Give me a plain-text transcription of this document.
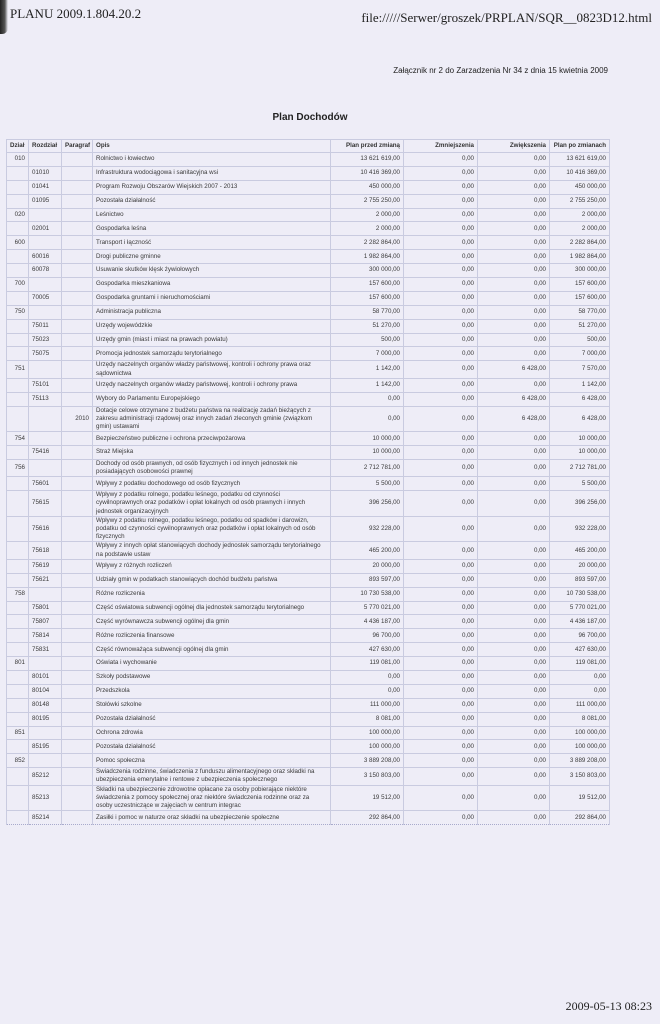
PLANU 2009.1.804.20.2	file://///Serwer/groszek/PRPLAN/SQR__0823D12.html
Załącznik nr 2 do Zarzadzenia Nr 34 z dnia 15 kwietnia 2009
Plan Dochodów
Dział	Rozdział	Paragraf	Opis	Plan przed zmianą	Zmniejszenia	Zwiększenia	Plan po zmianach
010			Rolnictwo i łowiectwo	13 621 619,00	0,00	0,00	13 621 619,00
	01010		Infrastruktura wodociągowa i sanitacyjna wsi	10 416 369,00	0,00	0,00	10 416 369,00
	01041		Program Rozwoju Obszarów Wiejskich 2007 - 2013	450 000,00	0,00	0,00	450 000,00
	01095		Pozostała działalność	2 755 250,00	0,00	0,00	2 755 250,00
020			Leśnictwo	2 000,00	0,00	0,00	2 000,00
	02001		Gospodarka leśna	2 000,00	0,00	0,00	2 000,00
600			Transport i łączność	2 282 864,00	0,00	0,00	2 282 864,00
	60016		Drogi publiczne gminne	1 982 864,00	0,00	0,00	1 982 864,00
	60078		Usuwanie skutków klęsk żywiołowych	300 000,00	0,00	0,00	300 000,00
700			Gospodarka mieszkaniowa	157 600,00	0,00	0,00	157 600,00
	70005		Gospodarka gruntami i nieruchomościami	157 600,00	0,00	0,00	157 600,00
750			Administracja publiczna	58 770,00	0,00	0,00	58 770,00
	75011		Urzędy wojewódzkie	51 270,00	0,00	0,00	51 270,00
	75023		Urzędy gmin (miast i miast na prawach powiatu)	500,00	0,00	0,00	500,00
	75075		Promocja jednostek samorządu terytorialnego	7 000,00	0,00	0,00	7 000,00
751			Urzędy naczelnych organów władzy państwowej, kontroli i ochrony prawa oraz sądownictwa	1 142,00	0,00	6 428,00	7 570,00
	75101		Urzędy naczelnych organów władzy państwowej, kontroli i ochrony prawa	1 142,00	0,00	0,00	1 142,00
	75113		Wybory do Parlamentu Europejskiego	0,00	0,00	6 428,00	6 428,00
		2010	Dotacje celowe otrzymane z budżetu państwa na realizację zadań bieżących z zakresu administracji rządowej oraz innych zadań zleconych gminie (związkom gmin) ustawami	0,00	0,00	6 428,00	6 428,00
754			Bezpieczeństwo publiczne i ochrona przeciwpożarowa	10 000,00	0,00	0,00	10 000,00
	75416		Straż Miejska	10 000,00	0,00	0,00	10 000,00
756			Dochody od osób prawnych, od osób fizycznych i od innych jednostek nie posiadających osobowości prawnej	2 712 781,00	0,00	0,00	2 712 781,00
	75601		Wpływy z podatku dochodowego od osób fizycznych	5 500,00	0,00	0,00	5 500,00
	75615		Wpływy z podatku rolnego, podatku leśnego, podatku od czynności cywilnoprawnych oraz podatków i opłat lokalnych od osób prawnych i innych jednostek organizacyjnych	396 256,00	0,00	0,00	396 256,00
	75616		Wpływy z podatku rolnego, podatku leśnego, podatku od spadków i darowizn, podatku od czynności cywilnoprawnych oraz podatków i opłat lokalnych od osób fizycznych	932 228,00	0,00	0,00	932 228,00
	75618		Wpływy z innych opłat stanowiących dochody jednostek samorządu terytorialnego na podstawie ustaw	465 200,00	0,00	0,00	465 200,00
	75619		Wpływy z różnych rozliczeń	20 000,00	0,00	0,00	20 000,00
	75621		Udziały gmin w podatkach stanowiących dochód budżetu państwa	893 597,00	0,00	0,00	893 597,00
758			Różne rozliczenia	10 730 538,00	0,00	0,00	10 730 538,00
	75801		Część oświatowa subwencji ogólnej dla jednostek samorządu terytorialnego	5 770 021,00	0,00	0,00	5 770 021,00
	75807		Część wyrównawcza subwencji ogólnej dla gmin	4 436 187,00	0,00	0,00	4 436 187,00
	75814		Różne rozliczenia finansowe	96 700,00	0,00	0,00	96 700,00
	75831		Część równoważąca subwencji ogólnej dla gmin	427 630,00	0,00	0,00	427 630,00
801			Oświata i wychowanie	119 081,00	0,00	0,00	119 081,00
	80101		Szkoły podstawowe	0,00	0,00	0,00	0,00
	80104		Przedszkola	0,00	0,00	0,00	0,00
	80148		Stołówki szkolne	111 000,00	0,00	0,00	111 000,00
	80195		Pozostała działalność	8 081,00	0,00	0,00	8 081,00
851			Ochrona zdrowia	100 000,00	0,00	0,00	100 000,00
	85195		Pozostała działalność	100 000,00	0,00	0,00	100 000,00
852			Pomoc społeczna	3 889 208,00	0,00	0,00	3 889 208,00
	85212		Świadczenia rodzinne, świadczenia z funduszu alimentacyjnego oraz składki na ubezpieczenia emerytalne i rentowe z ubezpieczenia społecznego	3 150 803,00	0,00	0,00	3 150 803,00
	85213		Składki na ubezpieczenie zdrowotne opłacane za osoby pobierające niektóre świadczenia z pomocy społecznej oraz niektóre świadczenia rodzinne oraz za osoby uczestniczące w zajęciach w centrum integrac	19 512,00	0,00	0,00	19 512,00
	85214		Zasiłki i pomoc w naturze oraz składki na ubezpieczenie społeczne	292 864,00	0,00	0,00	292 864,00
2009-05-13 08:23
